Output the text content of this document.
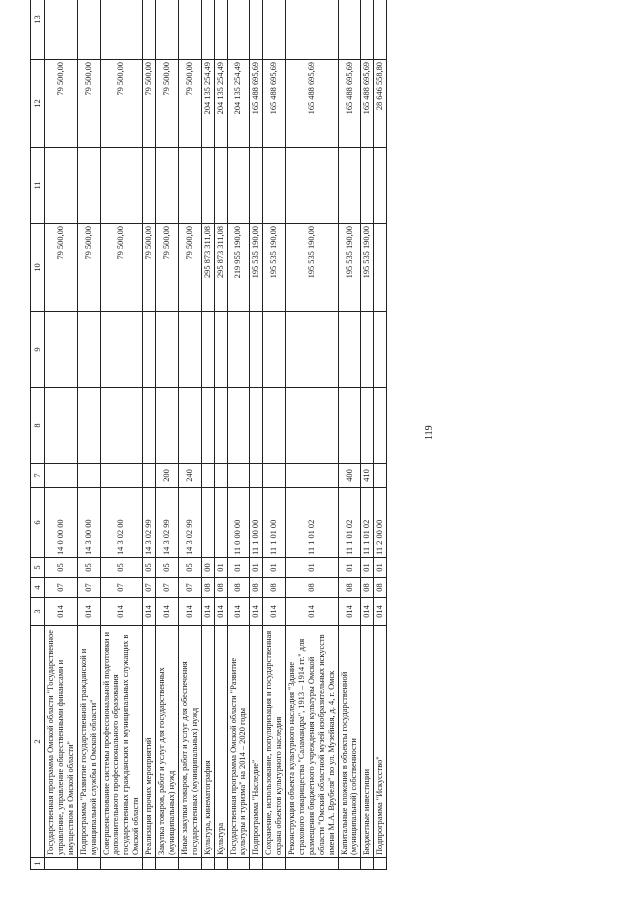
119
1	2	3	4	5	6	7	8	9	10	11	12	13
	Государственная программа Омской области "Государственное управление, управление общественными финансами и имуществом в Омской области"	014	07	05	14 0 00 00				79 500,00		79 500,00	
	Подпрограмма "Развитие государственной гражданской и муниципальной службы в Омской области"	014	07	05	14 3 00 00				79 500,00		79 500,00	
	Совершенствование системы профессиональной подготовки и дополнительного профессионального образования государственных гражданских и муниципальных служащих в Омской области	014	07	05	14 3 02 00				79 500,00		79 500,00	
	Реализация прочих мероприятий	014	07	05	14 3 02 99				79 500,00		79 500,00	
	Закупка товаров, работ и услуг для государственных (муниципальных) нужд	014	07	05	14 3 02 99	200			79 500,00		79 500,00	
	Иные закупки товаров, работ и услуг для обеспечения государственных (муниципальных) нужд	014	07	05	14 3 02 99	240			79 500,00		79 500,00	
	Культура, кинематография	014	08	00					295 873 311,08		204 135 254,49	
	Культура	014	08	01					295 873 311,08		204 135 254,49	
	Государственная программа Омской области "Развитие культуры и туризма" на 2014 – 2020 годы	014	08	01	11 0 00 00				219 955 190,00		204 135 254,49	
	Подпрограмма "Наследие"	014	08	01	11 1 00 00				195 535 190,00		165 488 695,69	
	Сохранение, использование, популяризация и государственная охрана объектов культурного наследия	014	08	01	11 1 01 00				195 535 190,00		165 488 695,69	
	Реконструкция объекта культурного наследия "Здание страхового товарищества "Саламандра", 1913 – 1914 гг." для размещения бюджетного учреждения культуры Омской области "Омский областной музей изобразительных искусств имени М.А. Врубеля" по ул. Музейная, д. 4, г. Омск	014	08	01	11 1 01 02				195 535 190,00		165 488 695,69	
	Капитальные вложения в объекты государственной (муниципальной) собственности	014	08	01	11 1 01 02	400			195 535 190,00		165 488 695,69	
	Бюджетные инвестиции	014	08	01	11 1 01 02	410			195 535 190,00		165 488 695,69	
	Подпрограмма "Искусство"	014	08	01	11 2 00 00						28 646 558,80	
